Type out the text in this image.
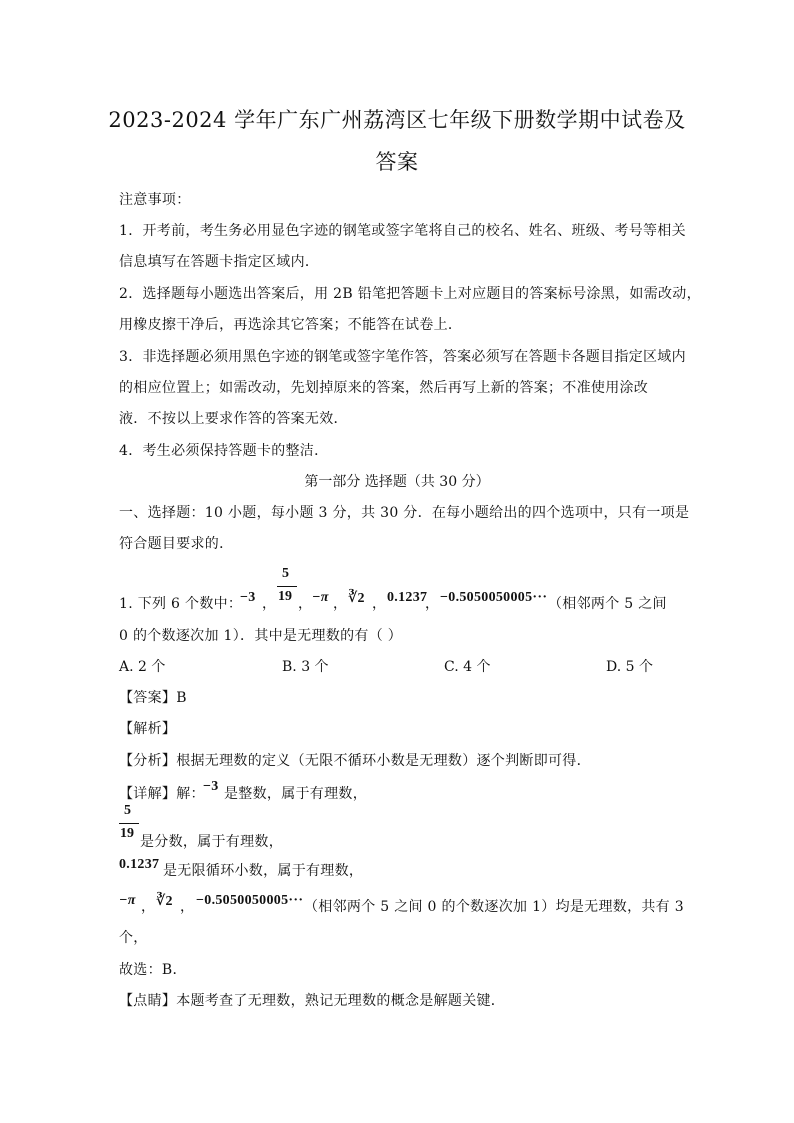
2023-2024 学年广东广州荔湾区七年级下册数学期中试卷及
答案
注意事项：
1．开考前，考生务必用显色字迹的钢笔或签字笔将自己的校名、姓名、班级、考号等相关
信息填写在答题卡指定区域内．
2．选择题每小题选出答案后，用 2B 铅笔把答题卡上对应题目的答案标号涂黑，如需改动，
用橡皮擦干净后，再选涂其它答案；不能答在试卷上．
3．非选择题必须用黑色字迹的钢笔或签字笔作答，答案必须写在答题卡各题目指定区域内
的相应位置上；如需改动，先划掉原来的答案，然后再写上新的答案；不准使用涂改
液．不按以上要求作答的答案无效．
4．考生必须保持答题卡的整洁．
第一部分 选择题（共 30 分）
一、选择题：10 小题，每小题 3 分，共 30 分．在每小题给出的四个选项中，只有一项是
符合题目要求的．
1. 下列 6 个数中：
−3 ，
5
19 ， −π ， ∛2 ， 0.1237
， −0.5050050005··· （相邻两个 5 之间
0 的个数逐次加 1）．其中是无理数的有（ ）
A. 2 个	B. 3 个	C. 4 个	D. 5 个
【答案】B
【解析】
【分析】根据无理数的定义（无限不循环小数是无理数）逐个判断即可得．
【详解】解：
−3 是整数，属于有理数，
5
19
是分数，属于有理数，
0.1237 是无限循环小数，属于有理数，
−π ， ∛2 ， −0.5050050005··· （相邻两个 5 之间 0 的个数逐次加 1）均是无理数，共有 3
个，
故选：B．
【点睛】本题考查了无理数，熟记无理数的概念是解题关键．
